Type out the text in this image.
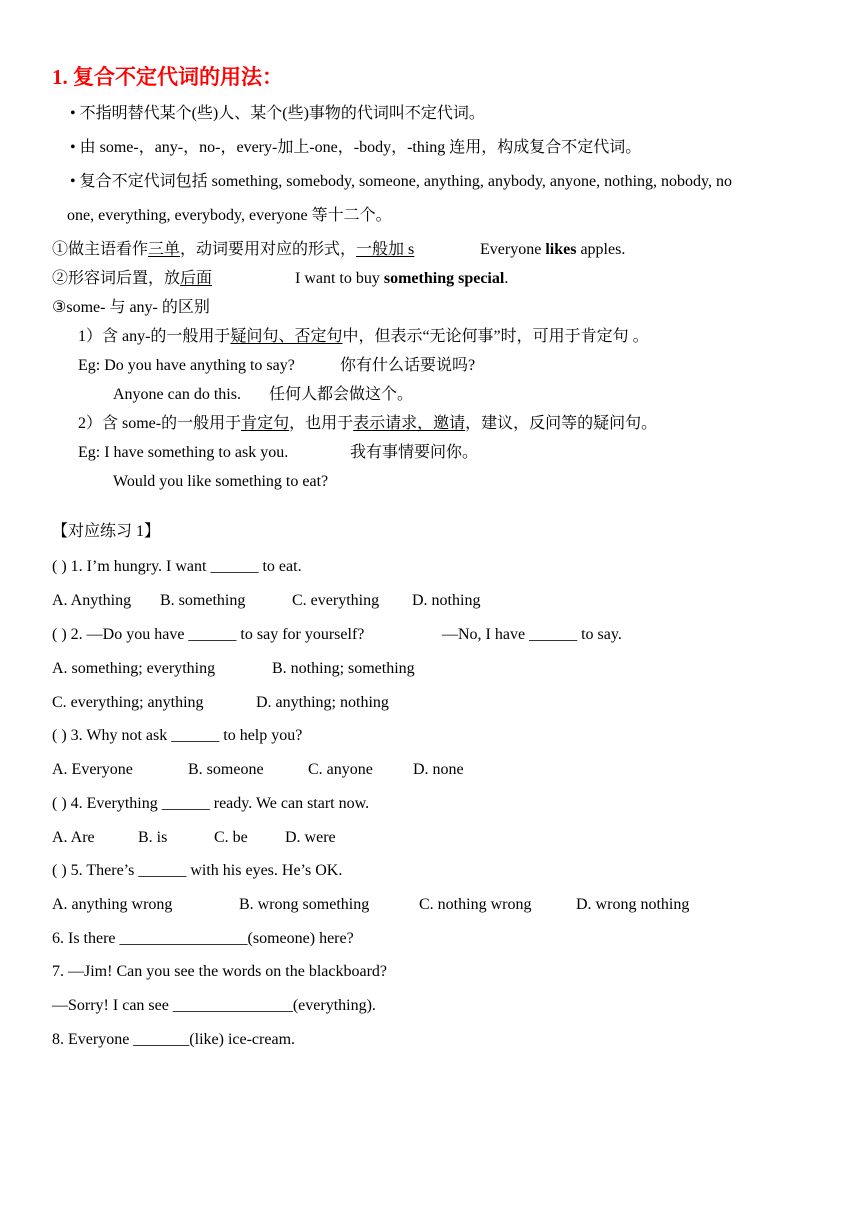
1. 复合不定代词的用法：
• 不指明替代某个(些)人、某个(些)事物的代词叫不定代词。
• 由 some-，any-，no-，every-加上-one，-body，-thing 连用，构成复合不定代词。
• 复合不定代词包括 something, somebody, someone, anything, anybody, anyone, nothing, nobody, no
one, everything, everybody, everyone 等十二个。
①做主语看作三单，动词要用对应的形式，一般加 s	Everyone likes apples.
②形容词后置，放后面	I want to buy something special.
③some- 与 any- 的区别
1）含 any-的一般用于疑问句、否定句中，但表示“无论何事”时，可用于肯定句 。
Eg: Do you have anything to say?	你有什么话要说吗?
Anyone can do this. 任何人都会做这个。
2）含 some-的一般用于肯定句，也用于表示请求，邀请，建议，反问等的疑问句。
Eg: I have something to ask you.	我有事情要问你。
Would you like something to eat?
【对应练习 1】
( ) 1. I’m hungry. I want ______ to eat.
A. Anything B. something	C. everything D. nothing
( ) 2. —Do you have ______ to say for yourself?	—No, I have ______ to say.
A. something; everything	B. nothing; something
C. everything; anything	D. anything; nothing
( ) 3. Why not ask ______ to help you?
A. Everyone	B. someone	C. anyone	D. none
( ) 4. Everything ______ ready. We can start now.
A. Are	B. is	C. be D. were
( ) 5. There’s ______ with his eyes. He’s OK.
A. anything wrong	B. wrong something	C. nothing wrong	D. wrong nothing
6. Is there ________________(someone) here?
7. —Jim! Can you see the words on the blackboard?
—Sorry! I can see _______________(everything).
8. Everyone _______(like) ice-cream.
